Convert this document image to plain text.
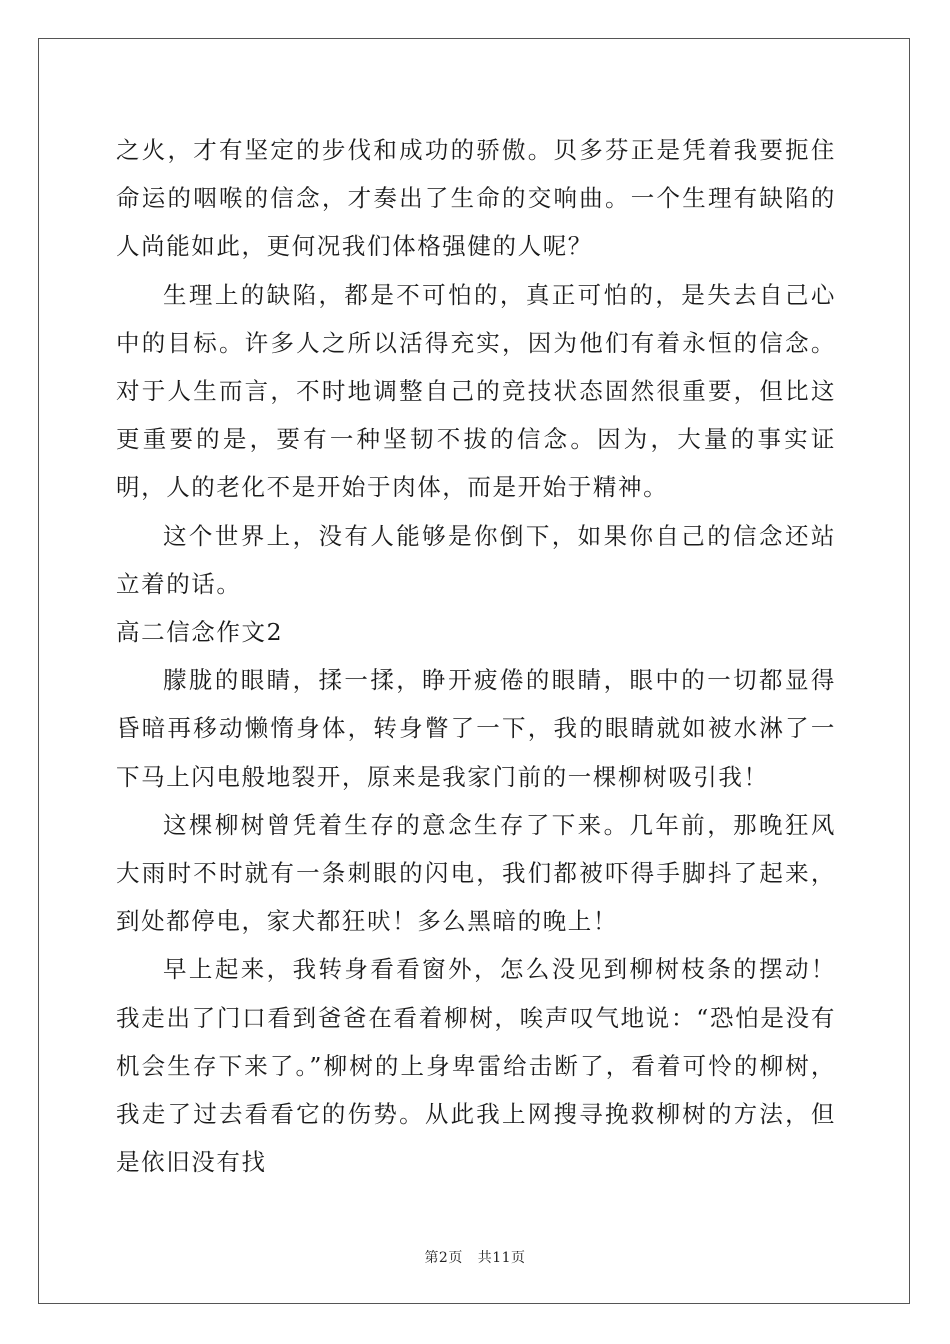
之火，才有坚定的步伐和成功的骄傲。贝多芬正是凭着我要扼住命运的咽喉的信念，才奏出了生命的交响曲。一个生理有缺陷的人尚能如此，更何况我们体格强健的人呢？

生理上的缺陷，都是不可怕的，真正可怕的，是失去自己心中的目标。许多人之所以活得充实，因为他们有着永恒的信念。对于人生而言，不时地调整自己的竞技状态固然很重要，但比这更重要的是，要有一种坚韧不拔的信念。因为，大量的事实证明，人的老化不是开始于肉体，而是开始于精神。

这个世界上，没有人能够是你倒下，如果你自己的信念还站立着的话。

高二信念作文2

朦胧的眼睛，揉一揉，睁开疲倦的眼睛，眼中的一切都显得昏暗再移动懒惰身体，转身瞥了一下，我的眼睛就如被水淋了一下马上闪电般地裂开，原来是我家门前的一棵柳树吸引我！

这棵柳树曾凭着生存的意念生存了下来。几年前，那晚狂风大雨时不时就有一条刺眼的闪电，我们都被吓得手脚抖了起来，到处都停电，家犬都狂吠！多么黑暗的晚上！

早上起来，我转身看看窗外，怎么没见到柳树枝条的摆动！我走出了门口看到爸爸在看着柳树，唉声叹气地说：“恐怕是没有机会生存下来了。”柳树的上身卑雷给击断了，看着可怜的柳树，我走了过去看看它的伤势。从此我上网搜寻挽救柳树的方法，但是依旧没有找

第2页 共11页
